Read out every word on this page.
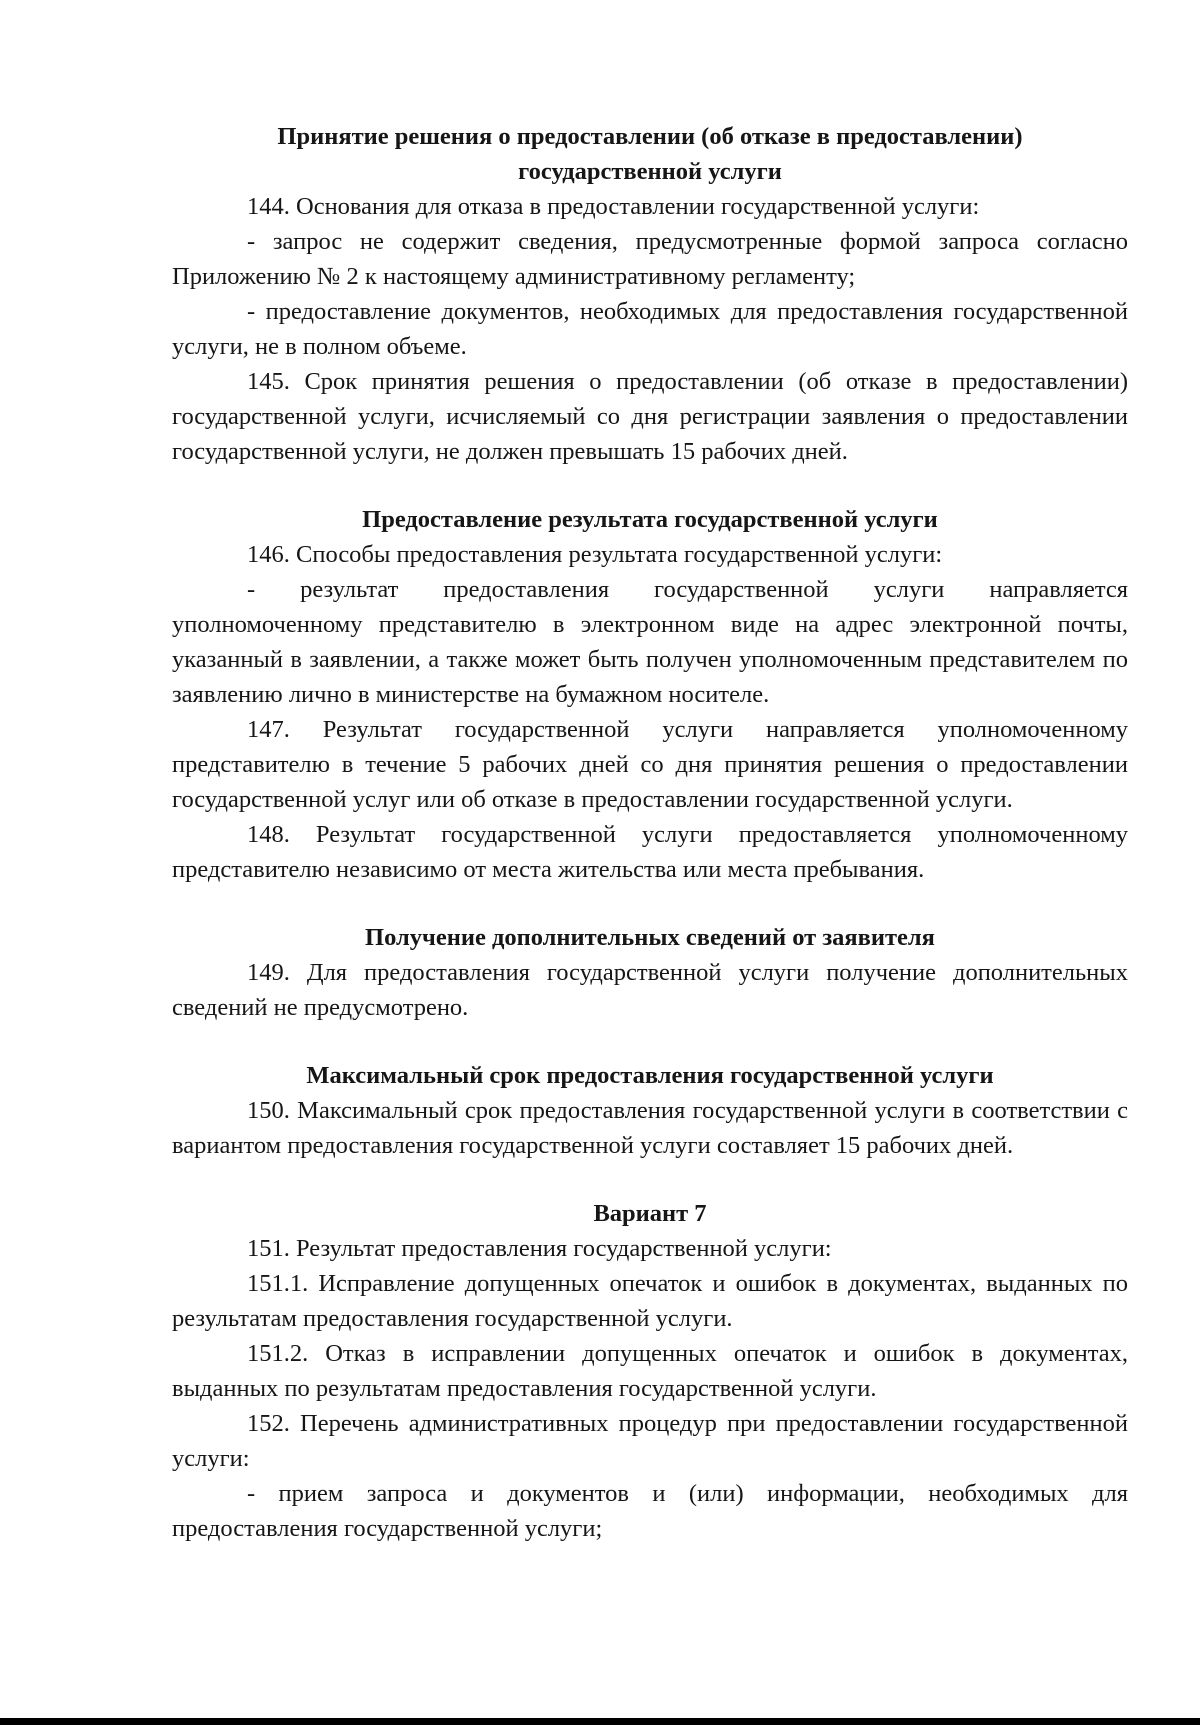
Принятие решения о предоставлении (об отказе в предоставлении)
государственной услуги

144. Основания для отказа в предоставлении государственной услуги:

- запрос не содержит сведения, предусмотренные формой запроса согласно Приложению № 2 к настоящему административному регламенту;

- предоставление документов, необходимых для предоставления государственной услуги, не в полном объеме.

145. Срок принятия решения о предоставлении (об отказе в предоставлении) государственной услуги, исчисляемый со дня регистрации заявления о предоставлении государственной услуги, не должен превышать 15 рабочих дней.

Предоставление результата государственной услуги

146. Способы предоставления результата государственной услуги:

- результат предоставления государственной услуги направляется уполномоченному представителю в электронном виде на адрес электронной почты, указанный в заявлении, а также может быть получен уполномоченным представителем по заявлению лично в министерстве на бумажном носителе.

147. Результат государственной услуги направляется уполномоченному представителю в течение 5 рабочих дней со дня принятия решения о предоставлении государственной услуг или об отказе в предоставлении государственной услуги.

148. Результат государственной услуги предоставляется уполномоченному представителю независимо от места жительства или места пребывания.

Получение дополнительных сведений от заявителя

149. Для предоставления государственной услуги получение дополнительных сведений не предусмотрено.

Максимальный срок предоставления государственной услуги

150. Максимальный срок предоставления государственной услуги в соответствии с вариантом предоставления государственной услуги составляет 15 рабочих дней.

Вариант 7

151. Результат предоставления государственной услуги:

151.1. Исправление допущенных опечаток и ошибок в документах, выданных по результатам предоставления государственной услуги.

151.2. Отказ в исправлении допущенных опечаток и ошибок в документах, выданных по результатам предоставления государственной услуги.

152. Перечень административных процедур при предоставлении государственной услуги:

- прием запроса и документов и (или) информации, необходимых для предоставления государственной услуги;
